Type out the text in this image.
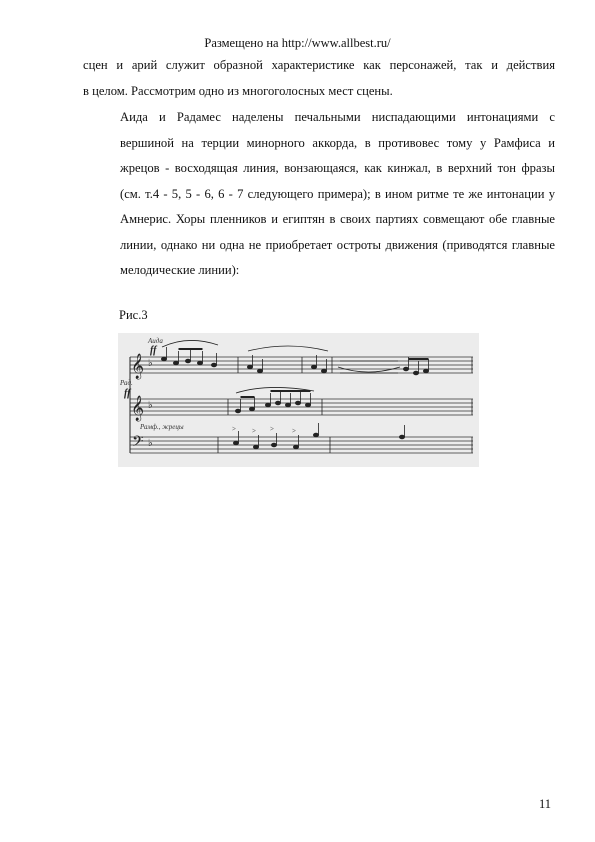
Размещено на http://www.allbest.ru/

сцен и арий служит образной характеристике как персонажей, так и действия
в целом. Рассмотрим одно из многоголосных мест сцены.

Аида и Радамес наделены печальными ниспадающими интонациями с
вершиной на терции минорного аккорда, в противовес тому у Рамфиса и
жрецов - восходящая линия, вонзающаяся, как кинжал, в верхний тон фразы
(см. т.4 - 5, 5 - 6, 6 - 7 следующего примера); в ином ритме те же интонации у
Амнерис. Хоры пленников и египтян в своих партиях совмещают обе главные
линии, однако ни одна не приобретает остроты движения (приводятся главные
мелодические линии):

Рис.3
Аида
Рад.
Рамф., жрецы
ff
ff
𝄞
𝄞
𝄢
♭
♭
♭
> > >	>
11
